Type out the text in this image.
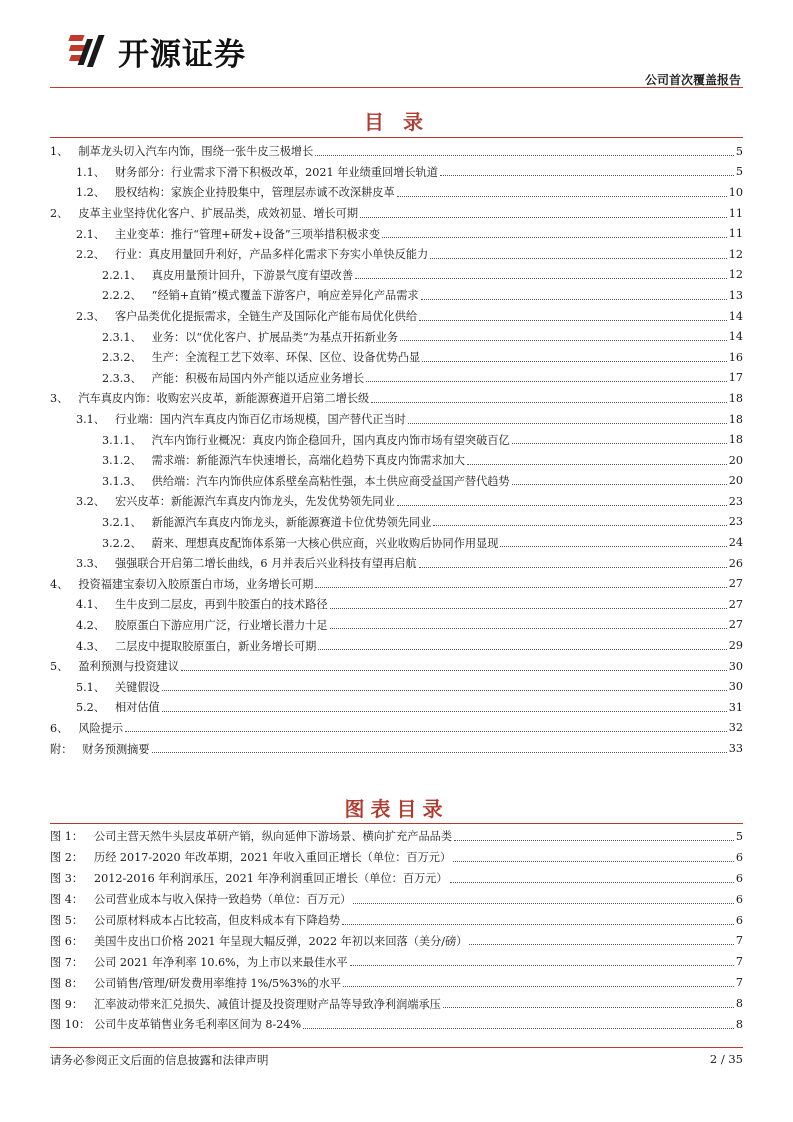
开源证券
公司首次覆盖报告
目 录
1、 制革龙头切入汽车内饰，围绕一张牛皮三极增长	5
1.1、 财务部分：行业需求下滑下积极改革，2021 年业绩重回增长轨道	5
1.2、 股权结构：家族企业持股集中，管理层赤诚不改深耕皮革	10
2、 皮革主业坚持优化客户、扩展品类，成效初显、增长可期	11
2.1、 主业变革：推行“管理+研发+设备”三项举措积极求变	11
2.2、 行业：真皮用量回升利好，产品多样化需求下夯实小单快反能力	12
2.2.1、 真皮用量预计回升，下游景气度有望改善	12
2.2.2、 “经销+直销”模式覆盖下游客户，响应差异化产品需求	13
2.3、 客户品类优化提振需求，全链生产及国际化产能布局优化供给	14
2.3.1、 业务：以“优化客户、扩展品类”为基点开拓新业务	14
2.3.2、 生产：全流程工艺下效率、环保、区位、设备优势凸显	16
2.3.3、 产能：积极布局国内外产能以适应业务增长	17
3、 汽车真皮内饰：收购宏兴皮革，新能源赛道开启第二增长级	18
3.1、 行业端：国内汽车真皮内饰百亿市场规模，国产替代正当时	18
3.1.1、 汽车内饰行业概况：真皮内饰企稳回升，国内真皮内饰市场有望突破百亿	18
3.1.2、 需求端：新能源汽车快速增长，高端化趋势下真皮内饰需求加大	20
3.1.3、 供给端：汽车内饰供应体系壁垒高粘性强，本土供应商受益国产替代趋势	20
3.2、 宏兴皮革：新能源汽车真皮内饰龙头，先发优势领先同业	23
3.2.1、 新能源汽车真皮内饰龙头，新能源赛道卡位优势领先同业	23
3.2.2、 蔚来、理想真皮配饰体系第一大核心供应商，兴业收购后协同作用显现	24
3.3、 强强联合开启第二增长曲线，6 月并表后兴业科技有望再启航	26
4、 投资福建宝泰切入胶原蛋白市场，业务增长可期	27
4.1、 生牛皮到二层皮，再到牛胶蛋白的技术路径	27
4.2、 胶原蛋白下游应用广泛，行业增长潜力十足	27
4.3、 二层皮中提取胶原蛋白，新业务增长可期	29
5、 盈利预测与投资建议	30
5.1、 关键假设	30
5.2、 相对估值	31
6、 风险提示	32
附： 财务预测摘要	33
图表目录
图 1： 公司主营天然牛头层皮革研产销，纵向延伸下游场景、横向扩充产品品类	5
图 2： 历经 2017-2020 年改革期，2021 年收入重回正增长（单位：百万元）	6
图 3： 2012-2016 年利润承压，2021 年净利润重回正增长（单位：百万元）	6
图 4： 公司营业成本与收入保持一致趋势（单位：百万元）	6
图 5： 公司原材料成本占比较高，但皮料成本有下降趋势	6
图 6： 美国牛皮出口价格 2021 年呈现大幅反弹，2022 年初以来回落（美分/磅）	7
图 7： 公司 2021 年净利率 10.6%，为上市以来最佳水平	7
图 8： 公司销售/管理/研发费用率维持 1%/5%3%的水平	7
图 9： 汇率波动带来汇兑损失、减值计提及投资理财产品等导致净利润端承压	8
图 10： 公司牛皮革销售业务毛利率区间为 8-24%	8
请务必参阅正文后面的信息披露和法律声明	2 / 35
